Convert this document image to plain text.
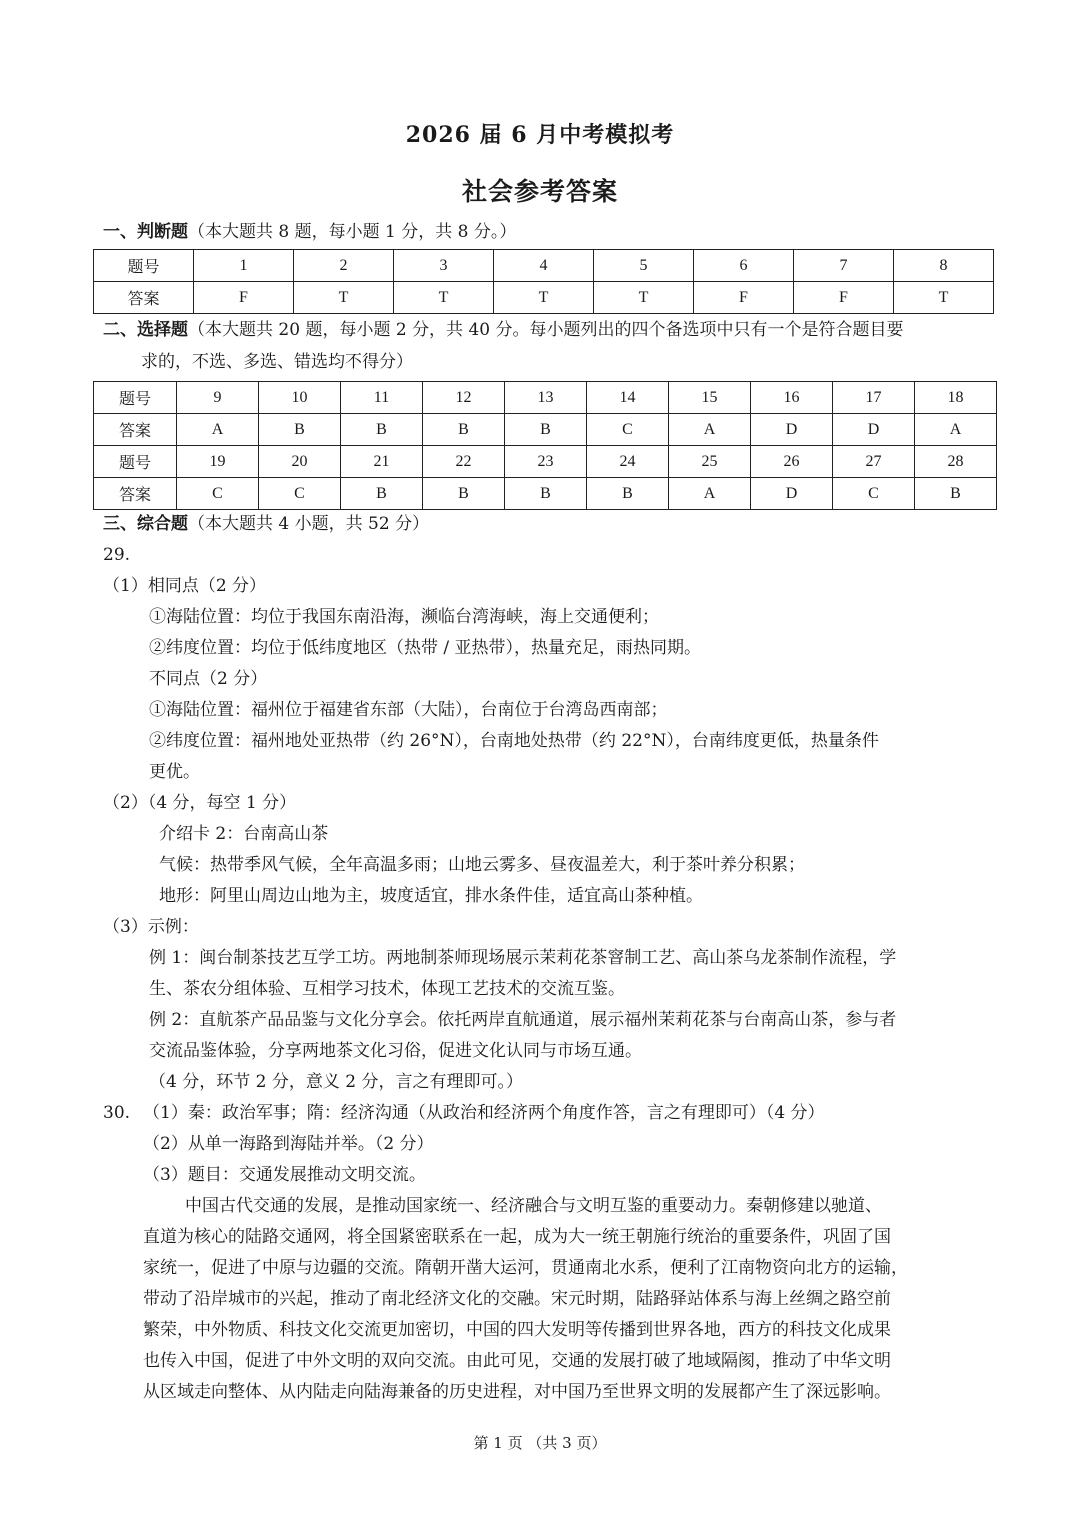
2026 届 6 月中考模拟考
社会参考答案
一、判断题（本大题共 8 题，每小题 1 分，共 8 分。）
题号	1	2	3	4	5	6	7	8
答案	F	T	T	T	T	F	F	T
二、选择题（本大题共 20 题，每小题 2 分，共 40 分。每小题列出的四个备选项中只有一个是符合题目要
求的，不选、多选、错选均不得分）
题号	9	10	11	12	13	14	15	16	17	18
答案	A	B	B	B	B	C	A	D	D	A
题号	19	20	21	22	23	24	25	26	27	28
答案	C	C	B	B	B	B	A	D	C	B
三、综合题（本大题共 4 小题，共 52 分）
29.
（1）相同点（2 分）
①海陆位置：均位于我国东南沿海，濒临台湾海峡，海上交通便利；
②纬度位置：均位于低纬度地区（热带 / 亚热带），热量充足，雨热同期。
不同点（2 分）
①海陆位置：福州位于福建省东部（大陆），台南位于台湾岛西南部；
②纬度位置：福州地处亚热带（约 26°N），台南地处热带（约 22°N），台南纬度更低，热量条件
更优。
（2）（4 分，每空 1 分）
介绍卡 2：台南高山茶
气候：热带季风气候，全年高温多雨；山地云雾多、昼夜温差大，利于茶叶养分积累；
地形：阿里山周边山地为主，坡度适宜，排水条件佳，适宜高山茶种植。
（3）示例：
例 1：闽台制茶技艺互学工坊。两地制茶师现场展示茉莉花茶窨制工艺、高山茶乌龙茶制作流程，学
生、茶农分组体验、互相学习技术，体现工艺技术的交流互鉴。
例 2：直航茶产品品鉴与文化分享会。依托两岸直航通道，展示福州茉莉花茶与台南高山茶，参与者
交流品鉴体验，分享两地茶文化习俗，促进文化认同与市场互通。
（4 分，环节 2 分，意义 2 分，言之有理即可。）
30. （1）秦：政治军事；隋：经济沟通（从政治和经济两个角度作答，言之有理即可）（4 分）
（2）从单一海路到海陆并举。（2 分）
（3）题目：交通发展推动文明交流。
中国古代交通的发展，是推动国家统一、经济融合与文明互鉴的重要动力。秦朝修建以驰道、
直道为核心的陆路交通网，将全国紧密联系在一起，成为大一统王朝施行统治的重要条件，巩固了国
家统一，促进了中原与边疆的交流。隋朝开凿大运河，贯通南北水系，便利了江南物资向北方的运输，
带动了沿岸城市的兴起，推动了南北经济文化的交融。宋元时期，陆路驿站体系与海上丝绸之路空前
繁荣，中外物质、科技文化交流更加密切，中国的四大发明等传播到世界各地，西方的科技文化成果
也传入中国，促进了中外文明的双向交流。由此可见，交通的发展打破了地域隔阂，推动了中华文明
从区域走向整体、从内陆走向陆海兼备的历史进程，对中国乃至世界文明的发展都产生了深远影响。
第 1 页 （共 3 页）
